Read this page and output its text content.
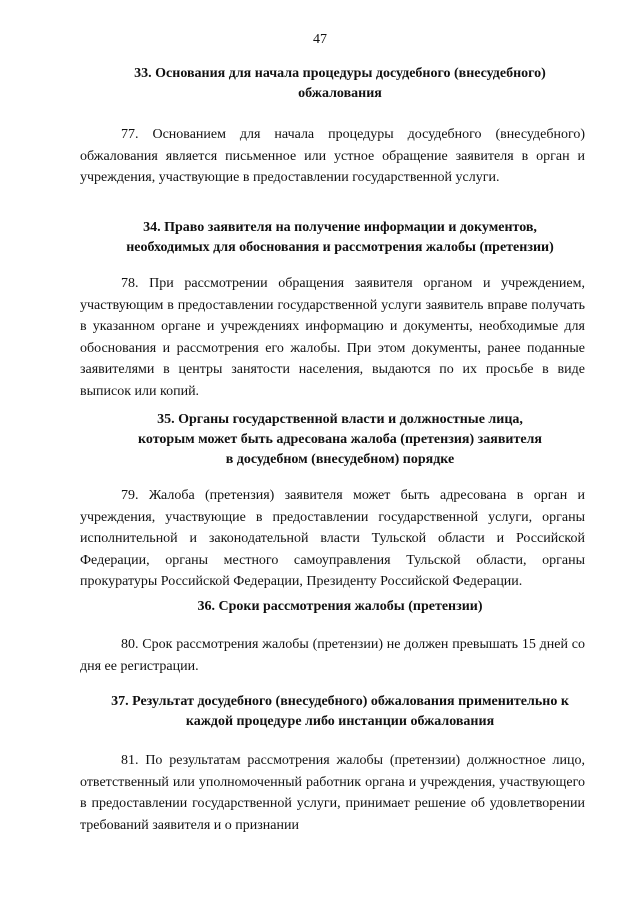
47
33. Основания для начала процедуры досудебного (внесудебного)
обжалования
77. Основанием для начала процедуры досудебного (внесудебного) обжалования является письменное или устное обращение заявителя в орган и учреждения, участвующие в предоставлении государственной услуги.
34. Право заявителя на получение информации и документов,
необходимых для обоснования и рассмотрения жалобы (претензии)
78. При рассмотрении обращения заявителя органом и учреждением, участвующим в предоставлении государственной услуги заявитель вправе получать в указанном органе и учреждениях информацию и документы, необходимые для обоснования и рассмотрения его жалобы. При этом документы, ранее поданные заявителями в центры занятости населения, выдаются по их просьбе в виде выписок или копий.
35. Органы государственной власти и должностные лица,
которым может быть адресована жалоба (претензия) заявителя
в досудебном (внесудебном) порядке
79. Жалоба (претензия) заявителя может быть адресована в орган и учреждения, участвующие в предоставлении государственной услуги, органы исполнительной и законодательной власти Тульской области и Российской Федерации, органы местного самоуправления Тульской области, органы прокуратуры Российской Федерации, Президенту Российской Федерации.
36. Сроки рассмотрения жалобы (претензии)
80. Срок рассмотрения жалобы (претензии) не должен превышать 15 дней со дня ее регистрации.
37. Результат досудебного (внесудебного) обжалования применительно к
каждой процедуре либо инстанции обжалования
81. По результатам рассмотрения жалобы (претензии) должностное лицо, ответственный или уполномоченный работник органа и учреждения, участвующего в предоставлении государственной услуги, принимает решение об удовлетворении требований заявителя и о признании
